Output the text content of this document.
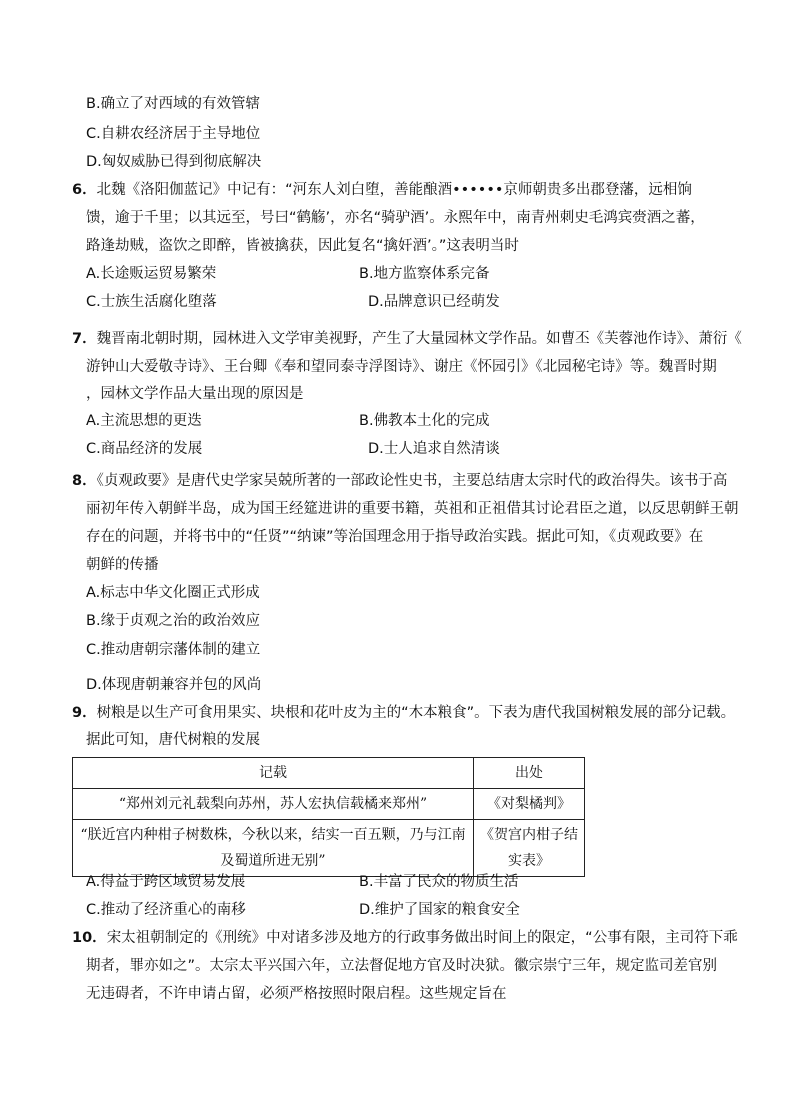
B.确立了对西域的有效管辖
C.自耕农经济居于主导地位
D.匈奴威胁已得到彻底解决
6．北魏《洛阳伽蓝记》中记有：“河东人刘白堕，善能酿酒••••••京师朝贵多出郡登藩，远相饷
馈，逾于千里；以其远至，号曰“鹤觞’，亦名“骑驴酒’。永熙年中，南青州刺史毛鸿宾赍酒之蕃，
路逢劫贼，盗饮之即醉，皆被擒获，因此复名“擒奸酒’。”这表明当时
A.长途贩运贸易繁荣	B.地方监察体系完备
C.士族生活腐化堕落	D.品牌意识已经萌发
7．魏晋南北朝时期，园林进入文学审美视野，产生了大量园林文学作品。如曹丕《芙蓉池作诗》、萧衍《
游钟山大爱敬寺诗》、王台卿《奉和望同泰寺浮图诗》、谢庄《怀园引》《北园秘宅诗》等。魏晋时期
，园林文学作品大量出现的原因是
A.主流思想的更迭	B.佛教本土化的完成
C.商品经济的发展	D.士人追求自然清谈
8．《贞观政要》是唐代史学家吴兢所著的一部政论性史书，主要总结唐太宗时代的政治得失。该书于高
丽初年传入朝鲜半岛，成为国王经筵进讲的重要书籍，英祖和正祖借其讨论君臣之道，以反思朝鲜王朝
存在的问题，并将书中的“任贤”“纳谏”等治国理念用于指导政治实践。据此可知，《贞观政要》在
朝鲜的传播
A.标志中华文化圈正式形成
B.缘于贞观之治的政治效应
C.推动唐朝宗藩体制的建立
D.体现唐朝兼容并包的风尚
9．树粮是以生产可食用果实、块根和花叶皮为主的“木本粮食”。下表为唐代我国树粮发展的部分记载。
据此可知，唐代树粮的发展
记载	出处
“郑州刘元礼载梨向苏州，苏人宏执信载橘来郑州”	《对梨橘判》
“朕近宫内种柑子树数株，今秋以来，结实一百五颗，乃与江南
及蜀道所进无别”	《贺宫内柑子结
实表》
A.得益于跨区域贸易发展	B.丰富了民众的物质生活
C.推动了经济重心的南移	D.维护了国家的粮食安全
10．宋太祖朝制定的《刑统》中对诸多涉及地方的行政事务做出时间上的限定，“公事有限，主司符下乖
期者，罪亦如之”。太宗太平兴国六年，立法督促地方官及时决狱。徽宗崇宁三年，规定监司差官别
无违碍者，不许申请占留，必须严格按照时限启程。这些规定旨在
